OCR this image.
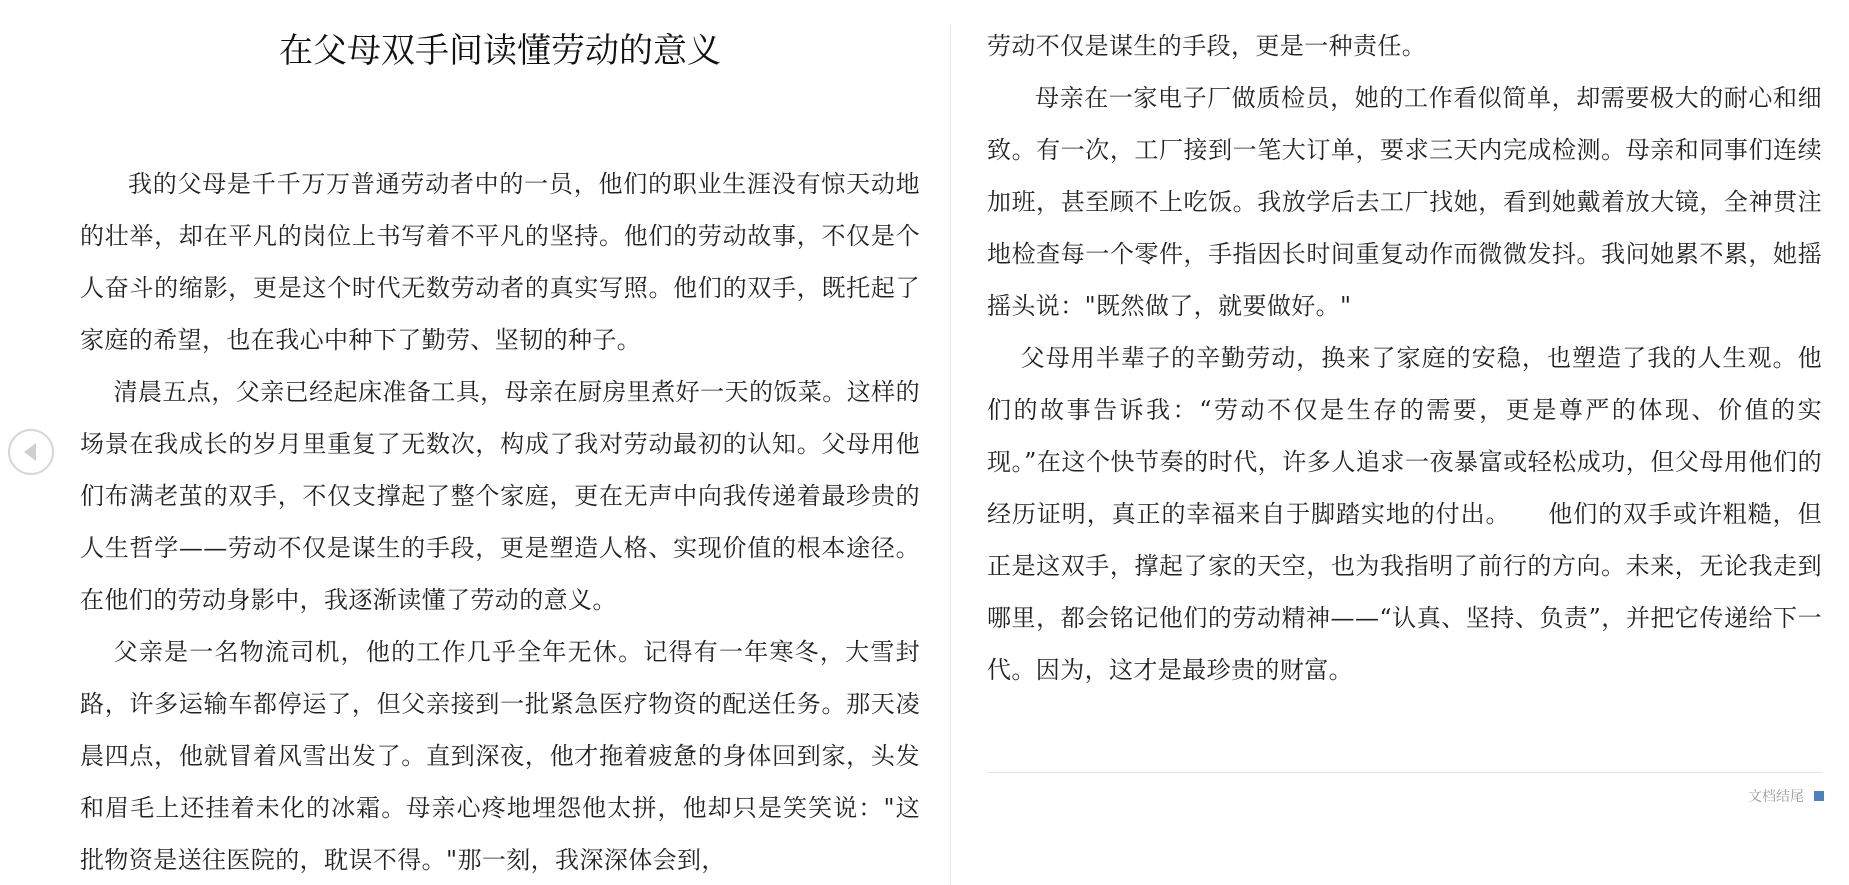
在父母双手间读懂劳动的意义

我的父母是千千万万普通劳动者中的一员，他们的职业生涯没有惊天动地的壮举，却在平凡的岗位上书写着不平凡的坚持。他们的劳动故事，不仅是个人奋斗的缩影，更是这个时代无数劳动者的真实写照。他们的双手，既托起了家庭的希望，也在我心中种下了勤劳、坚韧的种子。

清晨五点，父亲已经起床准备工具，母亲在厨房里煮好一天的饭菜。这样的场景在我成长的岁月里重复了无数次，构成了我对劳动最初的认知。父母用他们布满老茧的双手，不仅支撑起了整个家庭，更在无声中向我传递着最珍贵的人生哲学——劳动不仅是谋生的手段，更是塑造人格、实现价值的根本途径。在他们的劳动身影中，我逐渐读懂了劳动的意义。

父亲是一名物流司机，他的工作几乎全年无休。记得有一年寒冬，大雪封路，许多运输车都停运了，但父亲接到一批紧急医疗物资的配送任务。那天凌晨四点，他就冒着风雪出发了。直到深夜，他才拖着疲惫的身体回到家，头发和眉毛上还挂着未化的冰霜。母亲心疼地埋怨他太拼，他却只是笑笑说："这批物资是送往医院的，耽误不得。"那一刻，我深深体会到，

劳动不仅是谋生的手段，更是一种责任。

母亲在一家电子厂做质检员，她的工作看似简单，却需要极大的耐心和细致。有一次，工厂接到一笔大订单，要求三天内完成检测。母亲和同事们连续加班，甚至顾不上吃饭。我放学后去工厂找她，看到她戴着放大镜，全神贯注地检查每一个零件，手指因长时间重复动作而微微发抖。我问她累不累，她摇摇头说："既然做了，就要做好。"

父母用半辈子的辛勤劳动，换来了家庭的安稳，也塑造了我的人生观。他们的故事告诉我：“劳动不仅是生存的需要，更是尊严的体现、价值的实现。”在这个快节奏的时代，许多人追求一夜暴富或轻松成功，但父母用他们的经历证明，真正的幸福来自于脚踏实地的付出。　　他们的双手或许粗糙，但正是这双手，撑起了家的天空，也为我指明了前行的方向。未来，无论我走到哪里，都会铭记他们的劳动精神——“认真、坚持、负责”，并把它传递给下一代。因为，这才是最珍贵的财富。

文档结尾
